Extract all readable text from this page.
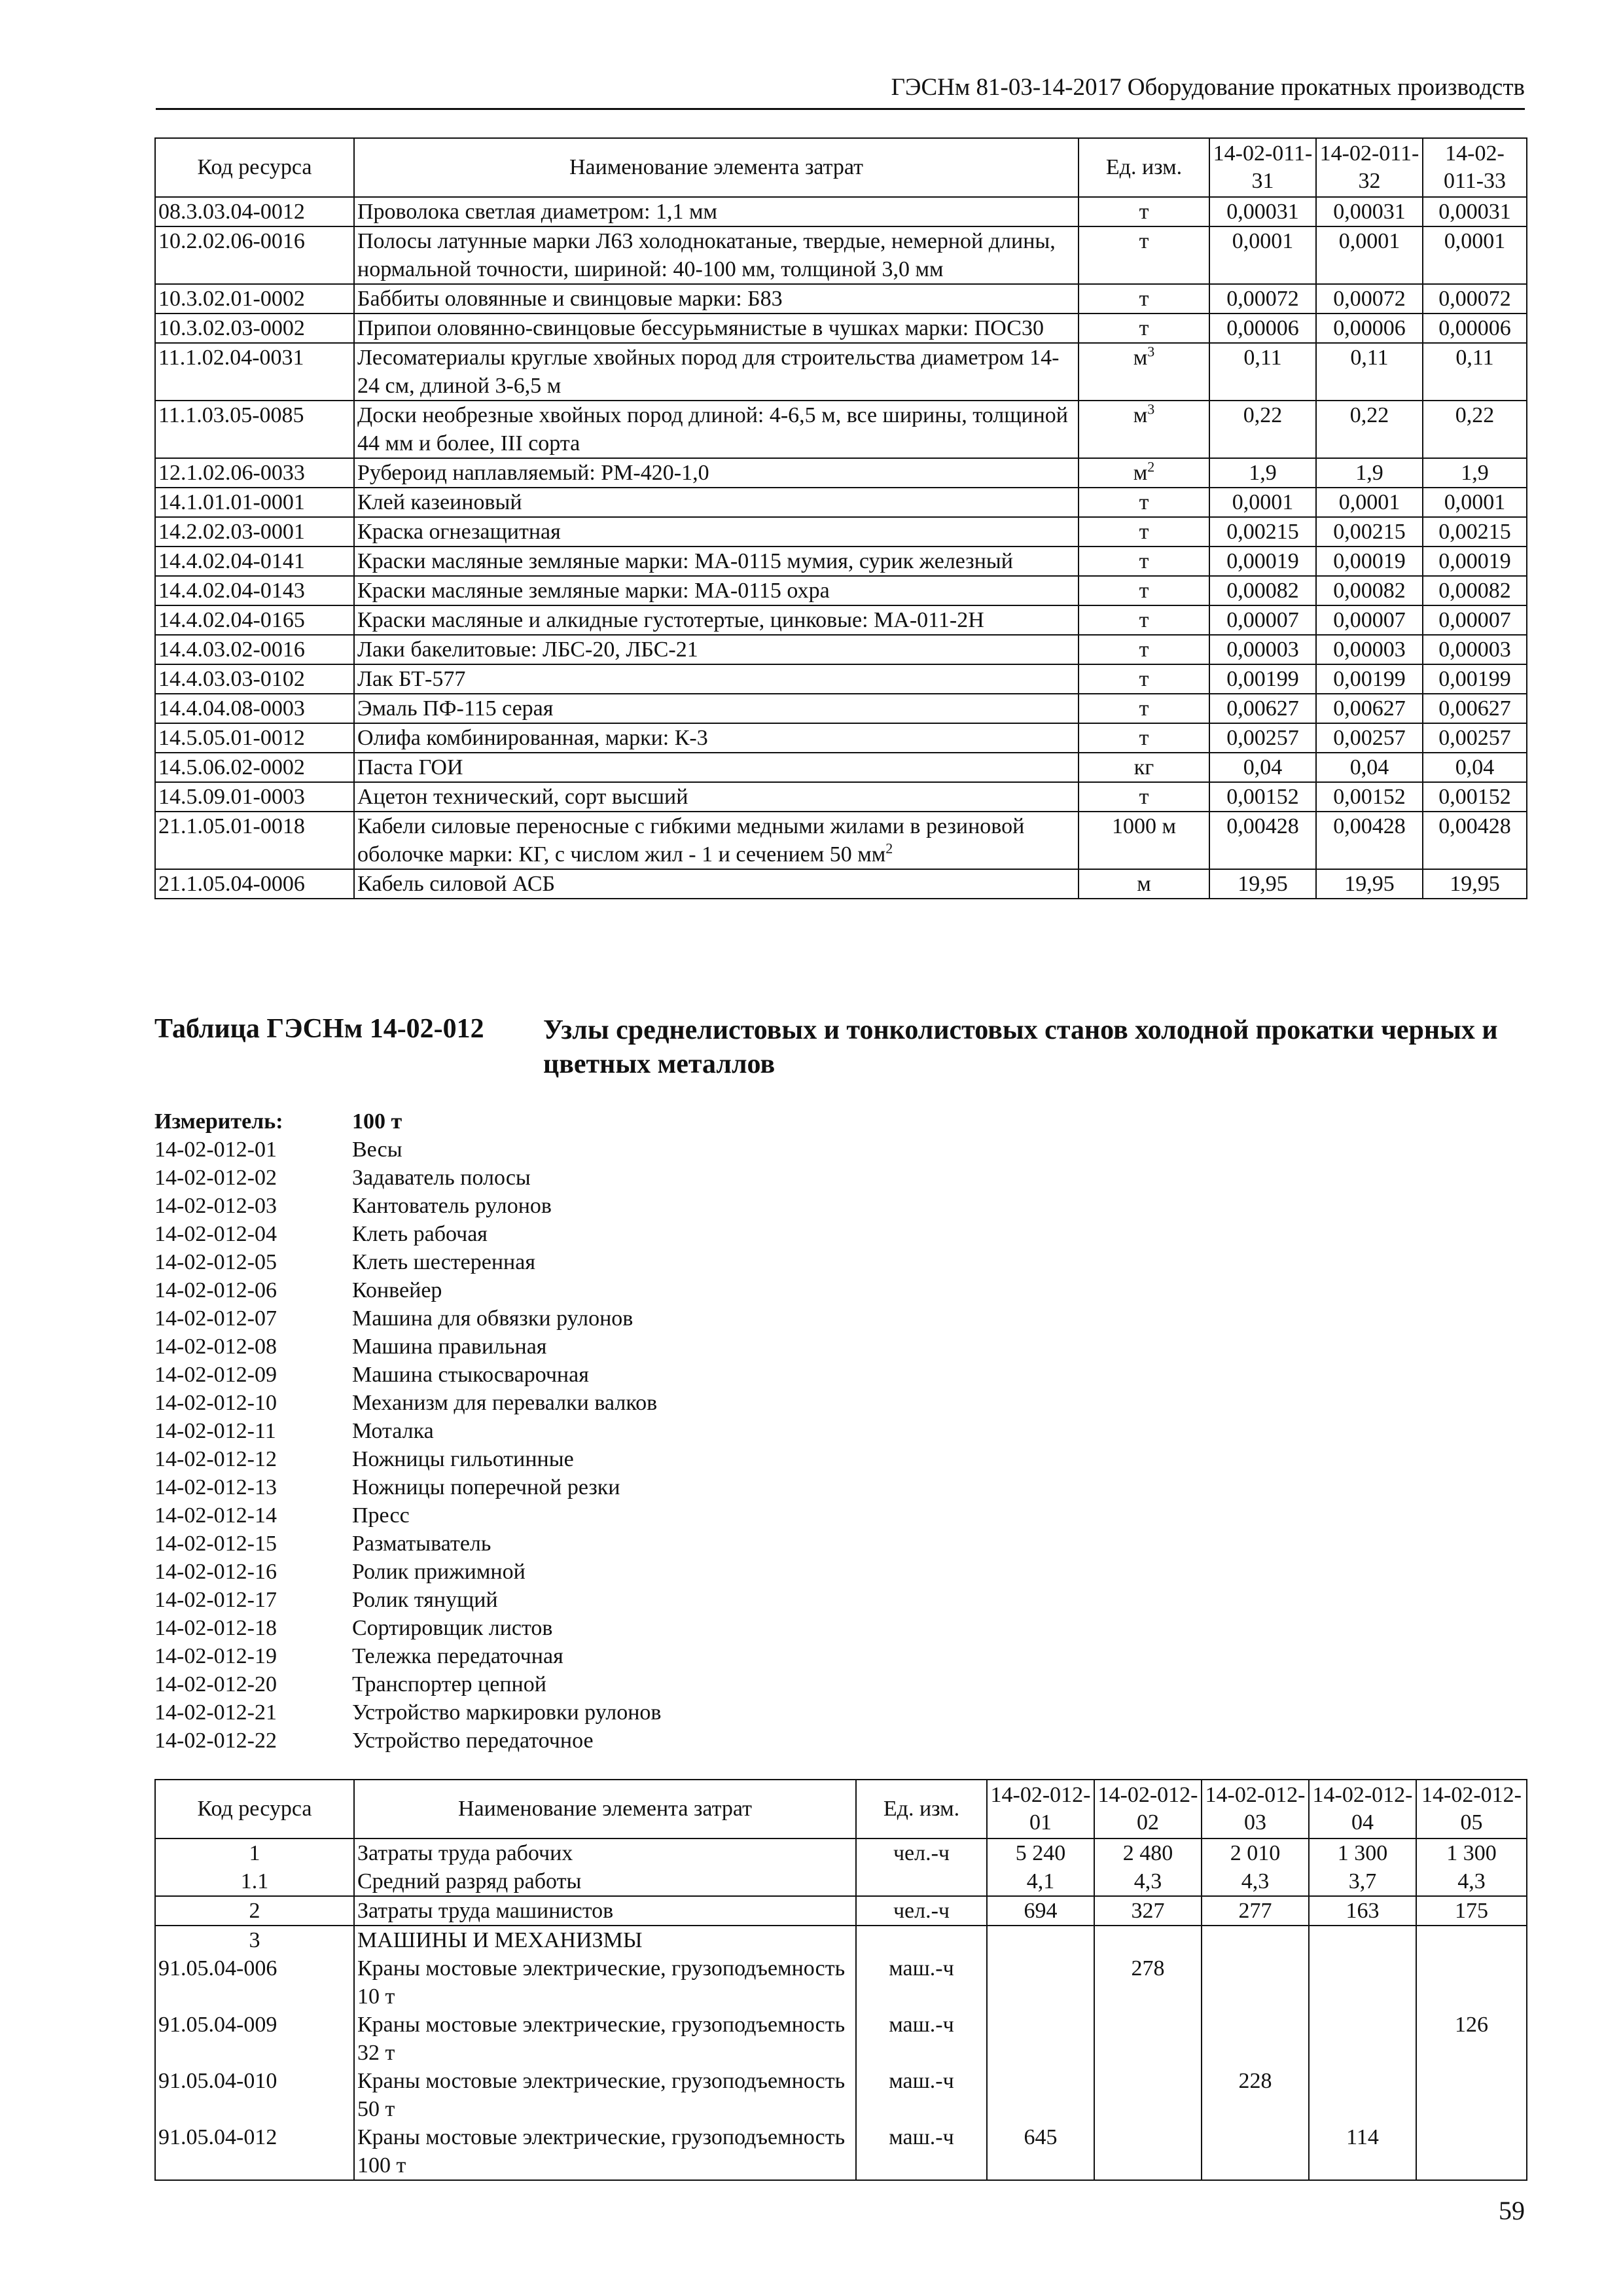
ГЭСНм 81-03-14-2017 Оборудование прокатных производств
Код ресурса	Наименование элемента затрат	Ед. изм.	14-02-011-31	14-02-011-32	14-02-011-33
08.3.03.04-0012	Проволока светлая диаметром: 1,1 мм	т	0,00031	0,00031	0,00031
10.2.02.06-0016	Полосы латунные марки Л63 холоднокатаные, твердые, немерной длины, нормальной точности, шириной: 40-100 мм, толщиной 3,0 мм	т	0,0001	0,0001	0,0001
10.3.02.01-0002	Баббиты оловянные и свинцовые марки: Б83	т	0,00072	0,00072	0,00072
10.3.02.03-0002	Припои оловянно-свинцовые бессурьмянистые в чушках марки: ПОС30	т	0,00006	0,00006	0,00006
11.1.02.04-0031	Лесоматериалы круглые хвойных пород для строительства диаметром 14-24 см, длиной 3-6,5 м	$м^3$	0,11	0,11	0,11
11.1.03.05-0085	Доски необрезные хвойных пород длиной: 4-6,5 м, все ширины, толщиной 44 мм и более, III сорта	$м^3$	0,22	0,22	0,22
12.1.02.06-0033	Рубероид наплавляемый: РМ-420-1,0	$м^2$	1,9	1,9	1,9
14.1.01.01-0001	Клей казеиновый	т	0,0001	0,0001	0,0001
14.2.02.03-0001	Краска огнезащитная	т	0,00215	0,00215	0,00215
14.4.02.04-0141	Краски масляные земляные марки: МА-0115 мумия, сурик железный	т	0,00019	0,00019	0,00019
14.4.02.04-0143	Краски масляные земляные марки: МА-0115 охра	т	0,00082	0,00082	0,00082
14.4.02.04-0165	Краски масляные и алкидные густотертые, цинковые: МА-011-2Н	т	0,00007	0,00007	0,00007
14.4.03.02-0016	Лаки бакелитовые: ЛБС-20, ЛБС-21	т	0,00003	0,00003	0,00003
14.4.03.03-0102	Лак БТ-577	т	0,00199	0,00199	0,00199
14.4.04.08-0003	Эмаль ПФ-115 серая	т	0,00627	0,00627	0,00627
14.5.05.01-0012	Олифа комбинированная, марки: К-3	т	0,00257	0,00257	0,00257
14.5.06.02-0002	Паста ГОИ	кг	0,04	0,04	0,04
14.5.09.01-0003	Ацетон технический, сорт высший	т	0,00152	0,00152	0,00152
21.1.05.01-0018	Кабели силовые переносные с гибкими медными жилами в резиновой оболочке марки: КГ, с числом жил - 1 и сечением 50 $мм^2$	1000 м	0,00428	0,00428	0,00428
21.1.05.04-0006	Кабель силовой АСБ	м	19,95	19,95	19,95
Таблица ГЭСНм 14-02-012 Узлы среднелистовых и тонколистовых станов холодной прокатки черных и цветных металлов
Измеритель:	100 т
14-02-012-01	Весы
14-02-012-02	Задаватель полосы
14-02-012-03	Кантователь рулонов
14-02-012-04	Клеть рабочая
14-02-012-05	Клеть шестеренная
14-02-012-06	Конвейер
14-02-012-07	Машина для обвязки рулонов
14-02-012-08	Машина правильная
14-02-012-09	Машина стыкосварочная
14-02-012-10	Механизм для перевалки валков
14-02-012-11	Моталка
14-02-012-12	Ножницы гильотинные
14-02-012-13	Ножницы поперечной резки
14-02-012-14	Пресс
14-02-012-15	Разматыватель
14-02-012-16	Ролик прижимной
14-02-012-17	Ролик тянущий
14-02-012-18	Сортировщик листов
14-02-012-19	Тележка передаточная
14-02-012-20	Транспортер цепной
14-02-012-21	Устройство маркировки рулонов
14-02-012-22	Устройство передаточное
Код ресурса	Наименование элемента затрат	Ед. изм.	14-02-012-01	14-02-012-02	14-02-012-03	14-02-012-04	14-02-012-05
1	Затраты труда рабочих	чел.-ч	5 240	2 480	2 010	1 300	1 300
1.1	Средний разряд работы		4,1	4,3	4,3	3,7	4,3
2	Затраты труда машинистов	чел.-ч	694	327	277	163	175
3	МАШИНЫ И МЕХАНИЗМЫ						
91.05.04-006	Краны мостовые электрические, грузоподъемность 10 т	маш.-ч		278			
91.05.04-009	Краны мостовые электрические, грузоподъемность 32 т	маш.-ч					126
91.05.04-010	Краны мостовые электрические, грузоподъемность 50 т	маш.-ч			228		
91.05.04-012	Краны мостовые электрические, грузоподъемность 100 т	маш.-ч	645			114	
59
